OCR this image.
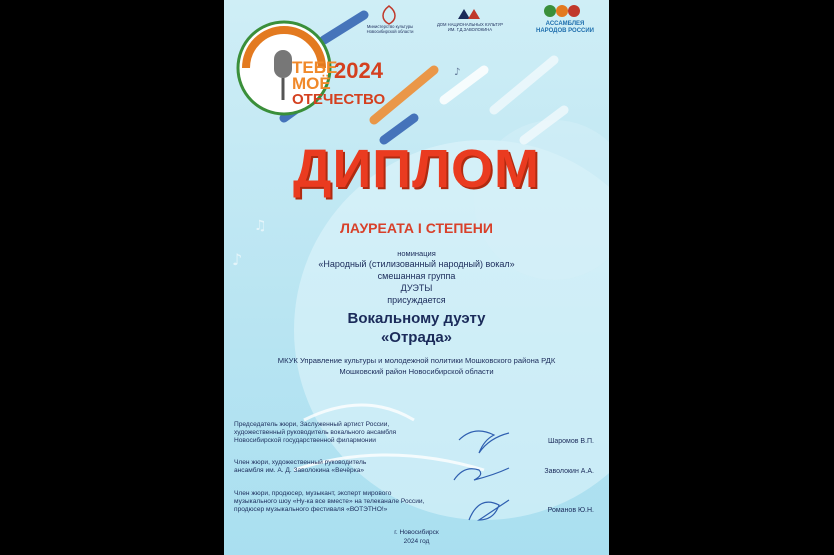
♪
♫
♪
ТЕБЕ
МОЁ
ОТЕЧЕСТВО
2024
Министерство культуры Новосибирской области
ДОМ НАЦИОНАЛЬНЫХ КУЛЬТУР ИМ. Г.Д.ЗАВОЛОКИНА
АССАМБЛЕЯ
НАРОДОВ РОССИИ
ДИПЛОМ
ЛАУРЕАТА I СТЕПЕНИ
номинация
«Народный (стилизованный народный) вокал»
смешанная группа
ДУЭТЫ
присуждается
Вокальному дуэту
«Отрада»
МКУК Управление культуры и молодежной политики Мошковского района РДК
Мошковский район Новосибирской области
Председатель жюри, Заслуженный артист России,
художественный руководитель вокального ансамбля
Новосибирской государственной филармонии	Шаромов В.П.
Член жюри, художественный руководитель
ансамбля им. А. Д. Заволокина «Вечёрка»	Заволокин А.А.
Член жюри, продюсер, музыкант, эксперт мирового
музыкального шоу «Ну-ка все вместе» на телеканале России,
продюсер музыкального фестиваля «ВОТЭТНО!»	Романов Ю.Н.
г. Новосибирск
2024 год
